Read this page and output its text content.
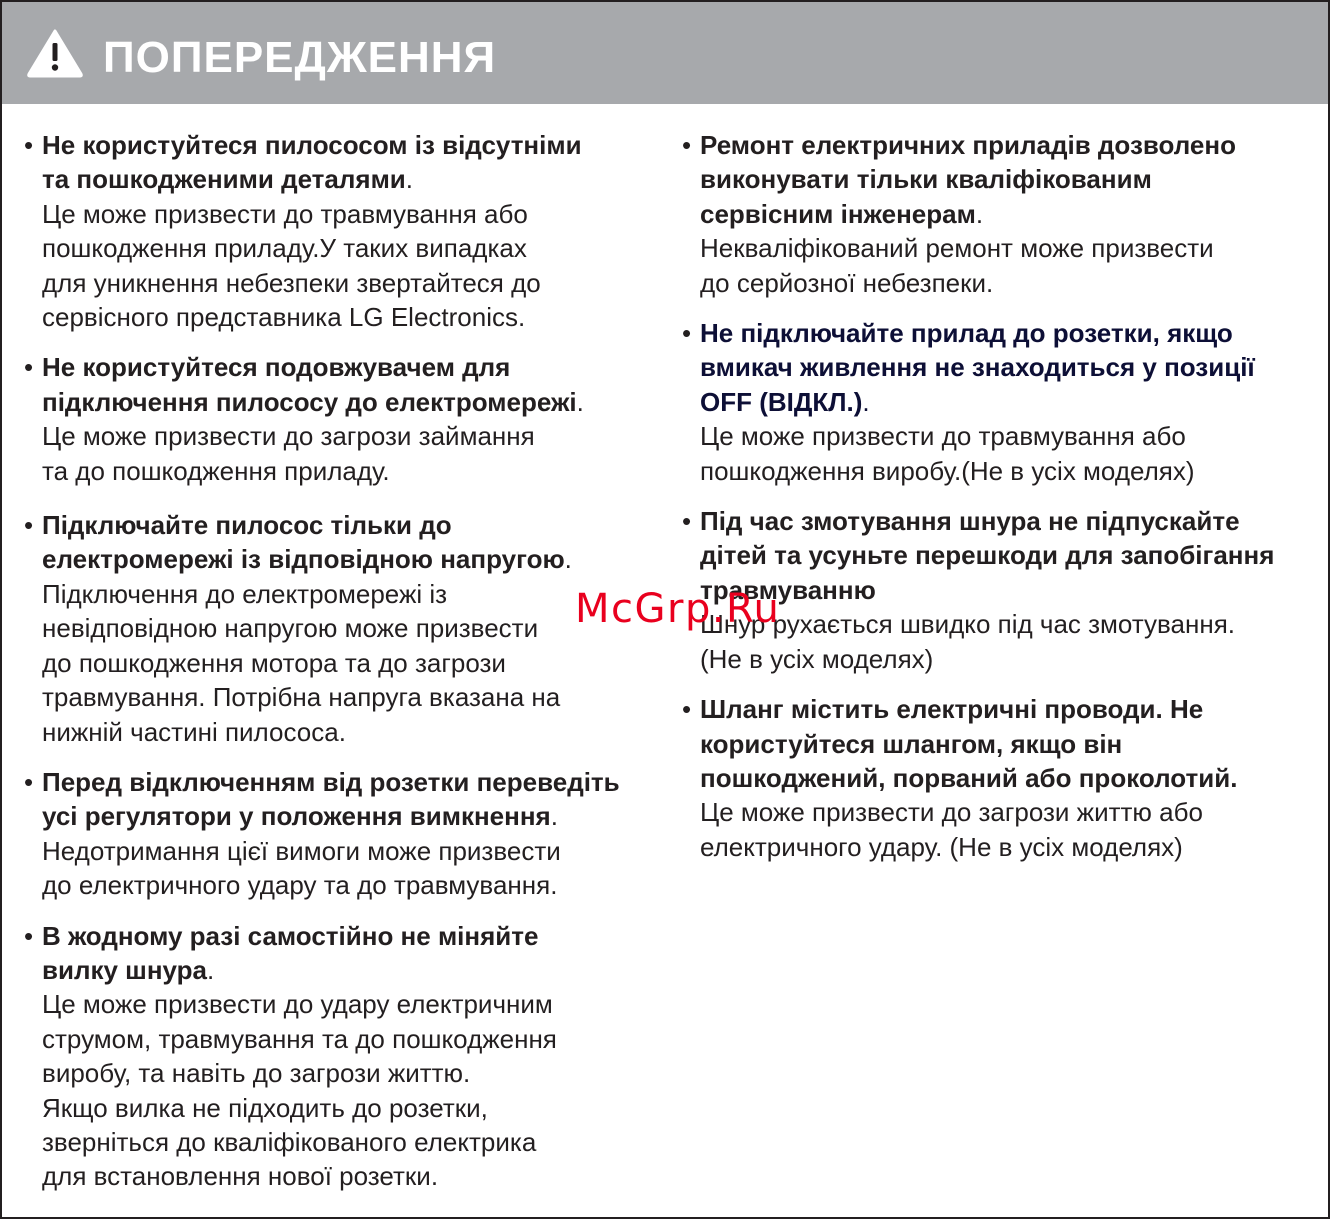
ПОПЕРЕДЖЕННЯ
• Не користуйтеся пилососом із відсутніми
та пошкодженими деталями.
Це може призвести до травмування або
пошкодження приладу.У таких випадках
для уникнення небезпеки звертайтеся до
сервісного представника LG Electronics.
• Не користуйтеся подовжувачем для
підключення пилососу до електромережі.
Це може призвести до загрози займання
та до пошкодження приладу.
• Підключайте пилосос тільки до
електромережі із відповідною напругою.
Підключення до електромережі із
невідповідною напругою може призвести
до пошкодження мотора та до загрози
травмування. Потрібна напруга вказана на
нижній частині пилососа.
• Перед відключенням від розетки переведіть
усі регулятори у положення вимкнення.
Недотримання цієї вимоги може призвести
до електричного удару та до травмування.
• В жодному разі самостійно не міняйте
вилку шнура.
Це може призвести до удару електричним
струмом, травмування та до пошкодження
виробу, та навіть до загрози життю.
Якщо вилка не підходить до розетки,
зверніться до кваліфікованого електрика
для встановлення нової розетки.
• Ремонт електричних приладів дозволено
виконувати тільки кваліфікованим
сервісним інженерам.
Некваліфікований ремонт може призвести
до серйозної небезпеки.
• Не підключайте прилад до розетки, якщо
вмикач живлення не знаходиться у позиції
OFF (ВІДКЛ.).
Це може призвести до травмування або
пошкодження виробу.(Не в усіх моделях)
• Під час змотування шнура не підпускайте
дітей та усуньте перешкоди для запобігання
травмуванню
Шнур рухається швидко під час змотування.
(Не в усіх моделях)
• Шланг містить електричні проводи. Не
користуйтеся шлангом, якщо він
пошкоджений, порваний або проколотий.
Це може призвести до загрози життю або
електричного удару. (Не в усіх моделях)
McGrp.Ru
